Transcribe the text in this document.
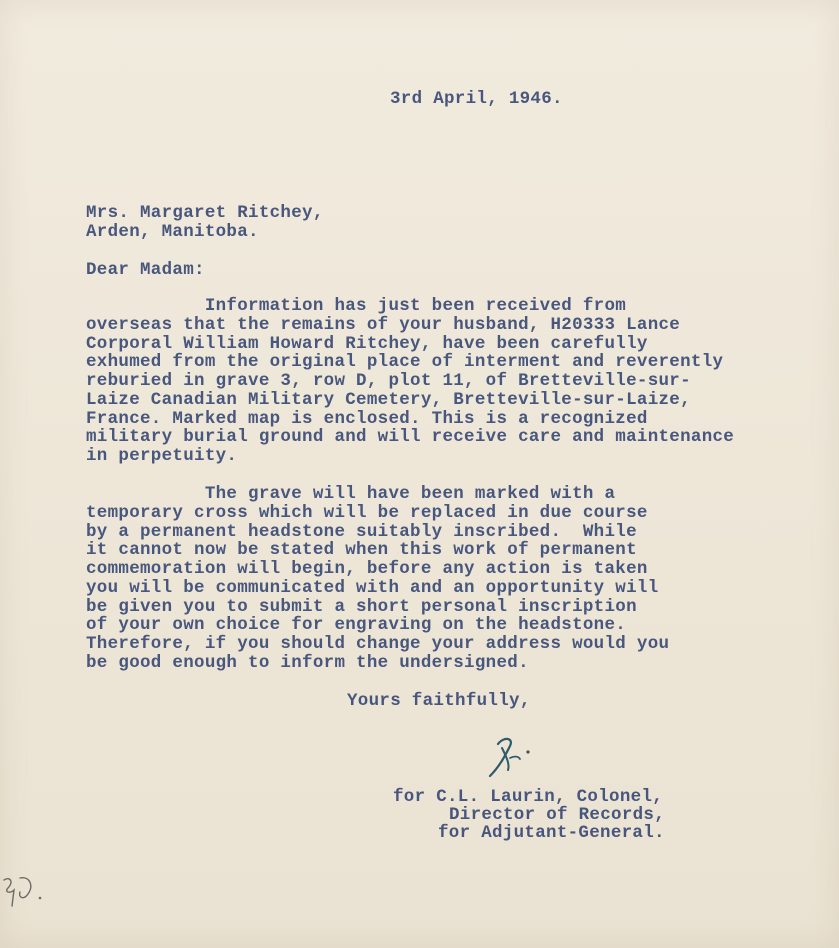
3rd April, 1946.
Mrs. Margaret Ritchey,
Arden, Manitoba.
Dear Madam:
Information has just been received from
overseas that the remains of your husband, H20333 Lance
Corporal William Howard Ritchey, have been carefully
exhumed from the original place of interment and reverently
reburied in grave 3, row D, plot 11, of Bretteville-sur-
Laize Canadian Military Cemetery, Bretteville-sur-Laize,
France. Marked map is enclosed. This is a recognized
military burial ground and will receive care and maintenance
in perpetuity.
The grave will have been marked with a
temporary cross which will be replaced in due course
by a permanent headstone suitably inscribed.  While
it cannot now be stated when this work of permanent
commemoration will begin, before any action is taken
you will be communicated with and an opportunity will
be given you to submit a short personal inscription
of your own choice for engraving on the headstone.
Therefore, if you should change your address would you
be good enough to inform the undersigned.
Yours faithfully,
for C.L. Laurin, Colonel,
Director of Records,
for Adjutant-General.
